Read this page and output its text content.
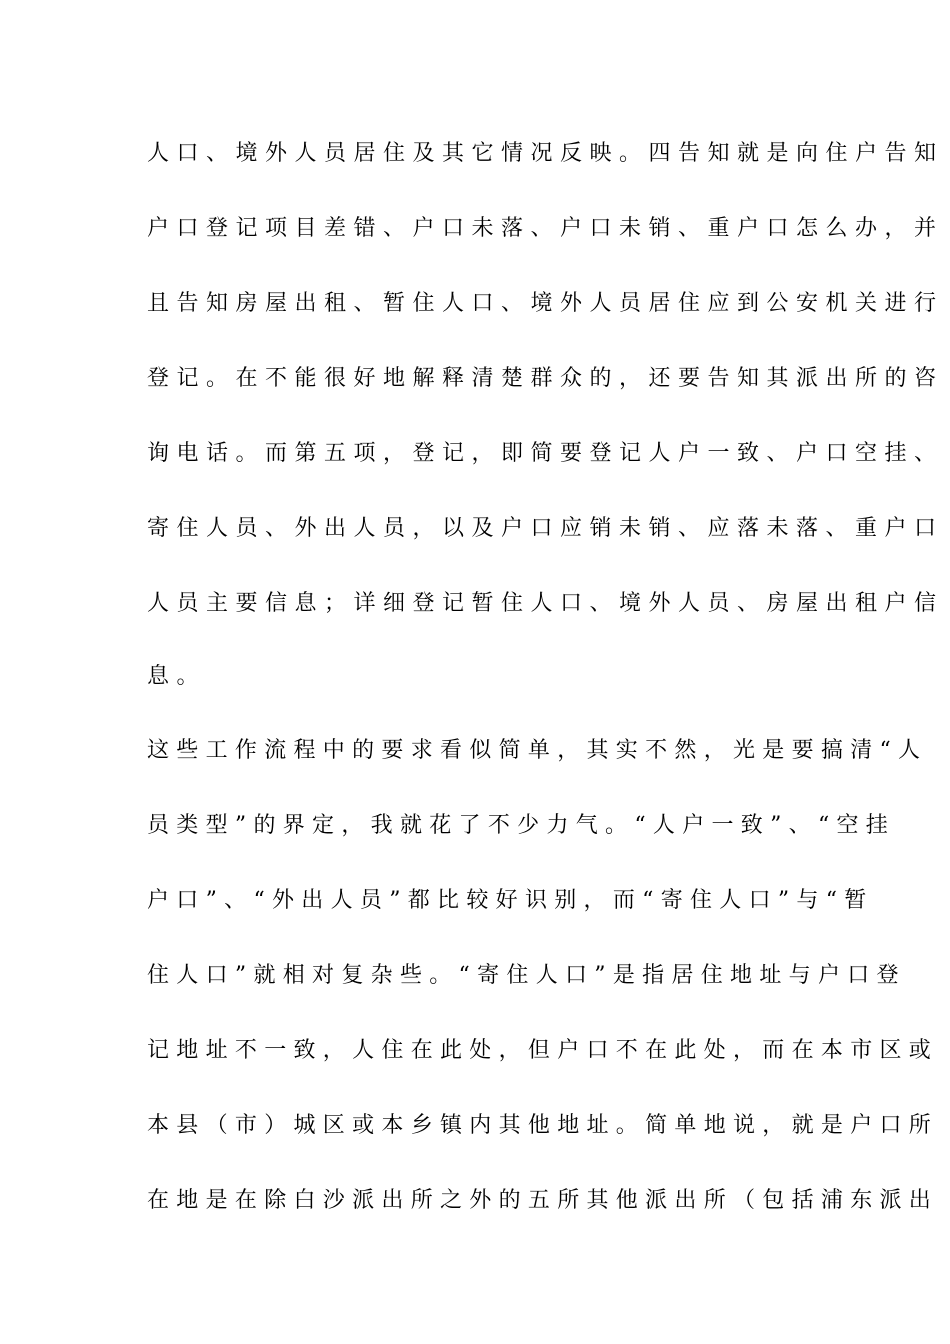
人口、境外人员居住及其它情况反映。四告知就是向住户告知
户口登记项目差错、户口未落、户口未销、重户口怎么办，并
且告知房屋出租、暂住人口、境外人员居住应到公安机关进行
登记。在不能很好地解释清楚群众的，还要告知其派出所的咨
询电话。而第五项，登记，即简要登记人户一致、户口空挂、
寄住人员、外出人员，以及户口应销未销、应落未落、重户口
人员主要信息；详细登记暂住人口、境外人员、房屋出租户信
息。
这些工作流程中的要求看似简单，其实不然，光是要搞清“人
员类型”的界定，我就花了不少力气。“人户一致”、“空挂
户口”、“外出人员”都比较好识别，而“寄住人口”与“暂
住人口”就相对复杂些。“寄住人口”是指居住地址与户口登
记地址不一致，人住在此处，但户口不在此处，而在本市区或
本县（市）城区或本乡镇内其他地址。简单地说，就是户口所
在地是在除白沙派出所之外的五所其他派出所（包括浦东派出
